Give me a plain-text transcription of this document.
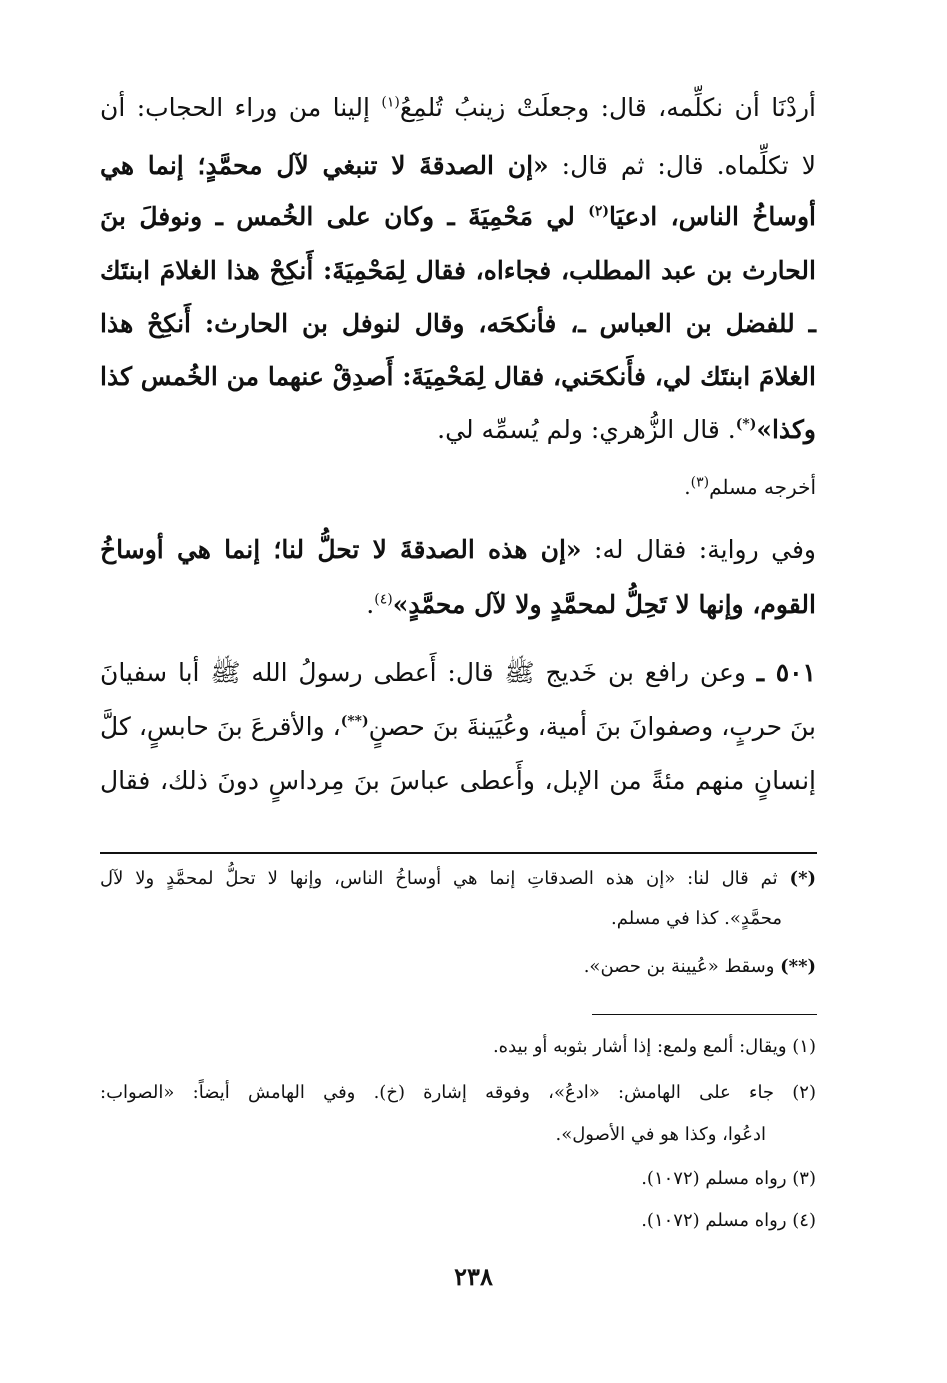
أردْنَا أن نكلِّمه، قال: وجعلَتْ زينبُ تُلمِعُ$^{(١)}$ إلينا من وراء الحجاب: أن
لا تكلِّماه. قال: ثم قال: «إن الصدقةَ لا تنبغي لآل محمَّدٍ؛ إنما هي
أوساخُ الناس، ادعيَا$^{(٢)}$ لي مَحْمِيَةَ ـ وكان على الخُمس ـ ونوفلَ بنَ
الحارث بن عبد المطلب، فجاءاه، فقال لِمَحْمِيَةَ: أَنكِحْ هذا الغلامَ ابنتَك
ـ للفضل بن العباس ـ، فأنكحَه، وقال لنوفل بن الحارث: أَنكِحْ هذا
الغلامَ ابنتَك لي، فأَنكحَني، فقال لِمَحْمِيَةَ: أَصدِقْ عنهما من الخُمس كذا
وكذا»(*). قال الزُّهري: ولم يُسمِّه لي.
أخرجه مسلم$^{(٣)}$.
وفي رواية: فقال له: «إن هذه الصدقةَ لا تحلُّ لنا؛ إنما هي أوساخُ
القوم، وإنها لا تَحِلُّ لمحمَّدٍ ولا لآل محمَّدٍ»$^{(٤)}$.
٥٠١ ـ وعن رافع بن خَديج ﷺ قال: أَعطى رسولُ الله ﷺ أبا سفيانَ
بنَ حربٍ، وصفوانَ بنَ أمية، وعُيَينةَ بنَ حصنٍ(**)، والأقرعَ بنَ حابسٍ، كلَّ
إنسانٍ منهم مئةً من الإبل، وأَعطى عباسَ بنَ مِرداسٍ دونَ ذلك، فقال
(*) ثم قال لنا: «إن هذه الصدقاتِ إنما هي أوساخُ الناس، وإنها لا تحلُّ لمحمَّدٍ ولا لآل
محمَّدٍ». كذا في مسلم.
(**) وسقط «عُيينة بن حصن».
(١) ويقال: ألمع ولمع: إذا أشار بثوبه أو بيده.
(٢) جاء على الهامش: «ادعُ»، وفوقه إشارة (خ). وفي الهامش أيضاً: «الصواب:
ادعُوا، وكذا هو في الأصول».
(٣) رواه مسلم (١٠٧٢).
(٤) رواه مسلم (١٠٧٢).
٢٣٨
